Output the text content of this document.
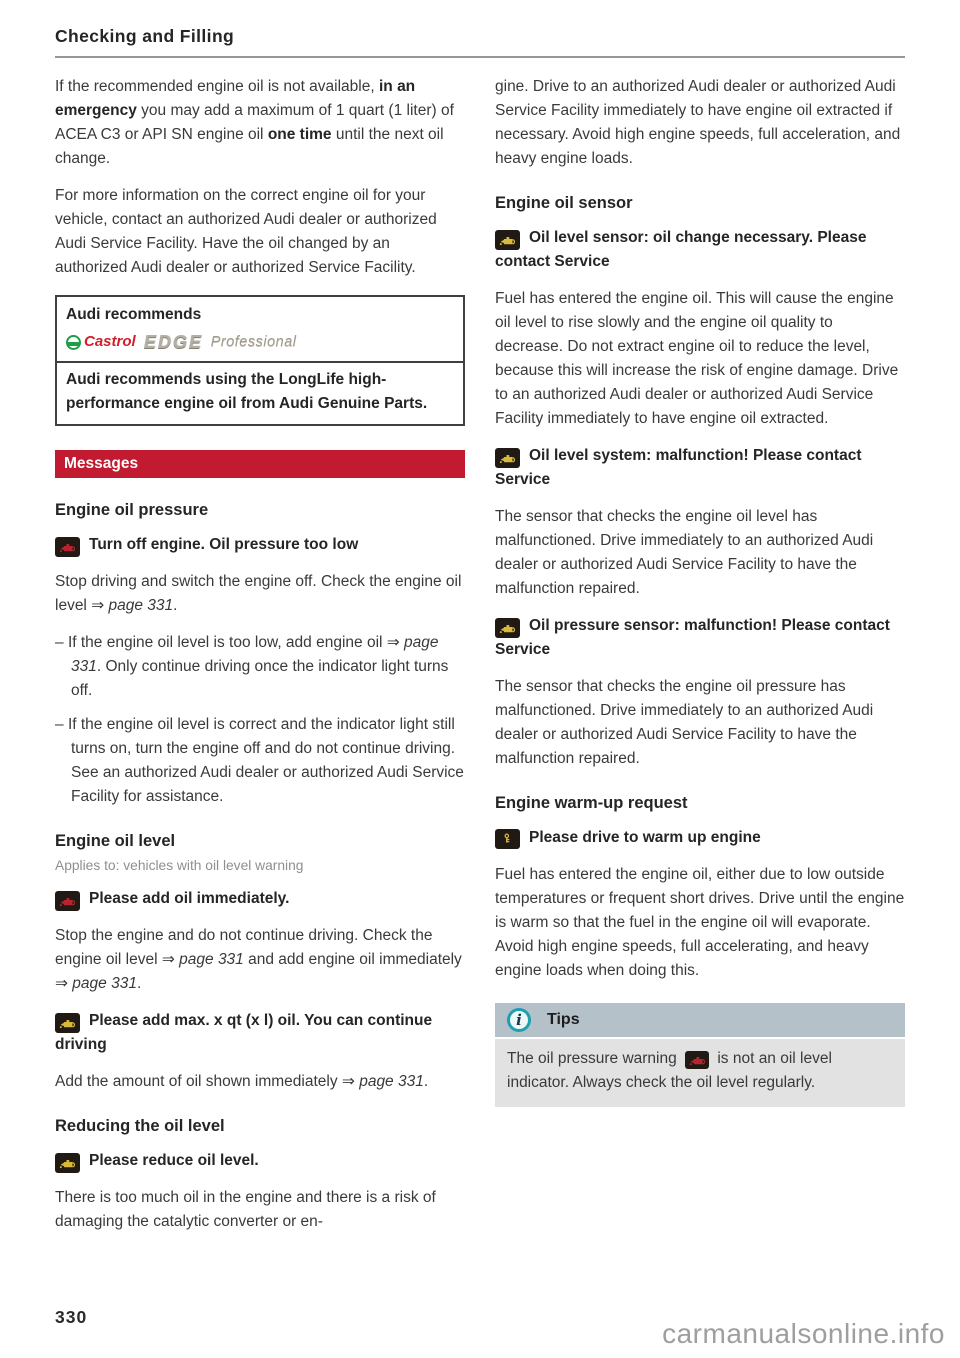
Checking and Filling

If the recommended engine oil is not available, in an emergency you may add a maximum of 1 quart (1 liter) of ACEA C3 or API SN engine oil one time until the next oil change.

For more information on the correct engine oil for your vehicle, contact an authorized Audi dealer or authorized Audi Service Facility. Have the oil changed by an authorized Audi dealer or authorized Service Facility.

Audi recommends
Castrol EDGE Professional
Audi recommends using the LongLife high-performance engine oil from Audi Genuine Parts.
Messages
Engine oil pressure

Turn off engine. Oil pressure too low

Stop driving and switch the engine off. Check the engine oil level ⇒ page 331.

– If the engine oil level is too low, add engine oil ⇒ page 331. Only continue driving once the indicator light turns off.

– If the engine oil level is correct and the indicator light still turns on, turn the engine off and do not continue driving. See an authorized Audi dealer or authorized Audi Service Facility for assistance.

Engine oil level
Applies to: vehicles with oil level warning

Please add oil immediately.

Stop the engine and do not continue driving. Check the engine oil level ⇒ page 331 and add engine oil immediately ⇒ page 331.

Please add max. x qt (x l) oil. You can continue driving

Add the amount of oil shown immediately ⇒ page 331.

Reducing the oil level

Please reduce oil level.

There is too much oil in the engine and there is a risk of damaging the catalytic converter or en-

gine. Drive to an authorized Audi dealer or authorized Audi Service Facility immediately to have engine oil extracted if necessary. Avoid high engine speeds, full acceleration, and heavy engine loads.

Engine oil sensor

Oil level sensor: oil change necessary. Please contact Service

Fuel has entered the engine oil. This will cause the engine oil level to rise slowly and the engine oil quality to decrease. Do not extract engine oil to reduce the level, because this will increase the risk of engine damage. Drive to an authorized Audi dealer or authorized Audi Service Facility immediately to have engine oil extracted.

Oil level system: malfunction! Please contact Service

The sensor that checks the engine oil level has malfunctioned. Drive immediately to an authorized Audi dealer or authorized Audi Service Facility to have the malfunction repaired.

Oil pressure sensor: malfunction! Please contact Service

The sensor that checks the engine oil pressure has malfunctioned. Drive immediately to an authorized Audi dealer or authorized Audi Service Facility to have the malfunction repaired.

Engine warm-up request

Please drive to warm up engine

Fuel has entered the engine oil, either due to low outside temperatures or frequent short drives. Drive until the engine is warm so that the fuel in the engine oil will evaporate. Avoid high engine speeds, full accelerating, and heavy engine loads when doing this.

i	Tips

The oil pressure warning
is not an oil level indicator. Always check the oil level regularly.

330
carmanualsonline.info
